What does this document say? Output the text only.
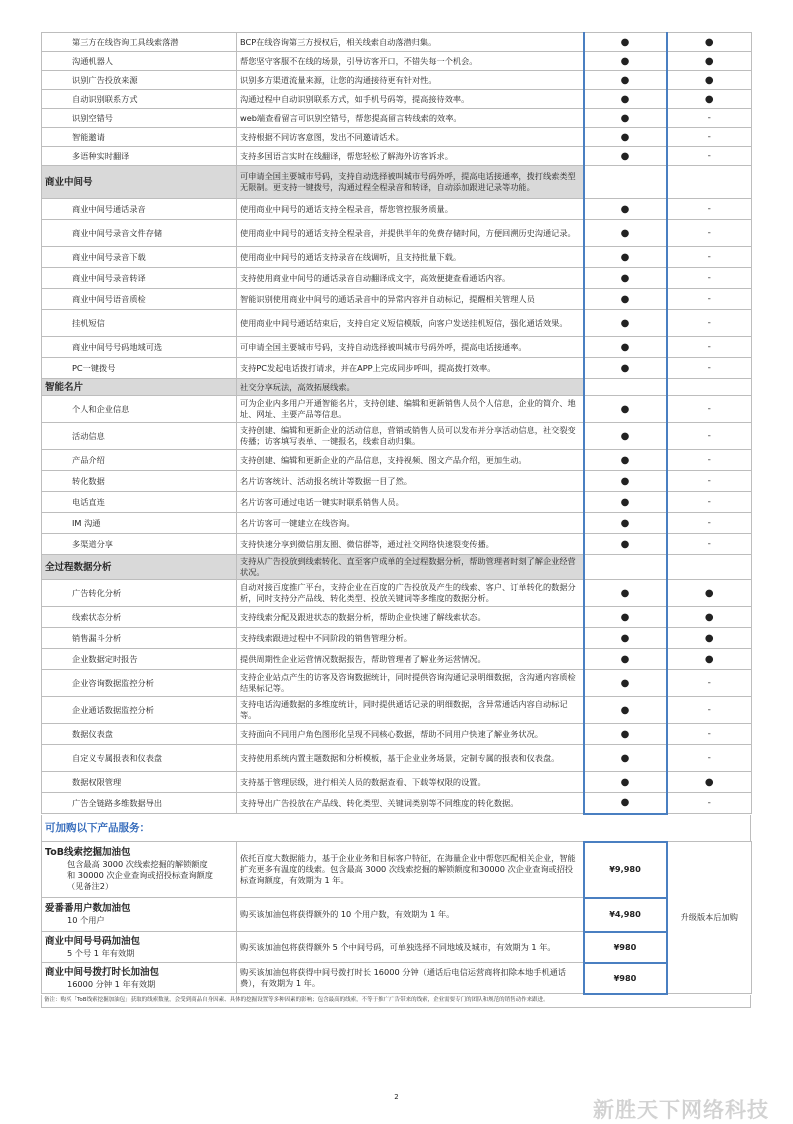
第三方在线咨询工具线索落潜	BCP在线咨询第三方授权后，相关线索自动落潜归集。	●	●
沟通机器人	帮您坚守客服不在线的场景，引导访客开口，不错失每一个机会。	●	●
识别广告投放来源	识别多方渠道流量来源，让您的沟通接待更有针对性。	●	●
自动识别联系方式	沟通过程中自动识别联系方式，如手机号码等，提高接待效率。	●	●
识别空错号	web端查看留言可识别空错号，帮您提高留言转线索的效率。	●	-
智能邀请	支持根据不同访客意图，发出不同邀请话术。	●	-
多语种实时翻译	支持多国语言实时在线翻译，帮您轻松了解海外访客诉求。	●	-
商业中间号	可申请全国主要城市号码，支持自动选择被叫城市号码外呼，提高电话接通率，拨打线索类型无限制。更支持一键拨号，沟通过程全程录音和转译，自动添加跟进记录等功能。		
商业中间号通话录音	使用商业中间号的通话支持全程录音，帮您管控服务质量。	●	-
商业中间号录音文件存储	使用商业中间号的通话支持全程录音，并提供半年的免费存储时间，方便回溯历史沟通记录。	●	-
商业中间号录音下载	使用商业中间号的通话支持录音在线调听，且支持批量下载。	●	-
商业中间号录音转译	支持使用商业中间号的通话录音自动翻译成文字，高效便捷查看通话内容。	●	-
商业中间号语音质检	智能识别使用商业中间号的通话录音中的异常内容并自动标记，提醒相关管理人员	●	-
挂机短信	使用商业中间号通话结束后，支持自定义短信模版，向客户发送挂机短信，强化通话效果。	●	-
商业中间号号码地域可选	可申请全国主要城市号码，支持自动选择被叫城市号码外呼，提高电话接通率。	●	-
PC一键拨号	支持PC发起电话拨打请求，并在APP上完成同步呼叫，提高拨打效率。	●	-
智能名片	社交分享玩法，高效拓展线索。		
个人和企业信息	可为企业内多用户开通智能名片，支持创建、编辑和更新销售人员个人信息，企业的简介、地址、网址、主要产品等信息。	●	-
活动信息	支持创建、编辑和更新企业的活动信息，营销或销售人员可以发布并分享活动信息，社交裂变传播；访客填写表单、一键报名，线索自动归集。	●	-
产品介绍	支持创建、编辑和更新企业的产品信息，支持视频、图文产品介绍，更加生动。	●	-
转化数据	名片访客统计、活动报名统计等数据一目了然。	●	-
电话直连	名片访客可通过电话一键实时联系销售人员。	●	-
IM 沟通	名片访客可一键建立在线咨询。	●	-
多渠道分享	支持快速分享到微信朋友圈、微信群等，通过社交网络快速裂变传播。	●	-
全过程数据分析	支持从广告投放到线索转化、直至客户成单的全过程数据分析，帮助管理者时刻了解企业经营状况。		
广告转化分析	自动对接百度推广平台，支持企业在百度的广告投放及产生的线索、客户、订单转化的数据分析，同时支持分产品线、转化类型、投放关键词等多维度的数据分析。	●	●
线索状态分析	支持线索分配及跟进状态的数据分析，帮助企业快速了解线索状态。	●	●
销售漏斗分析	支持线索跟进过程中不同阶段的销售管理分析。	●	●
企业数据定时报告	提供周期性企业运营情况数据报告，帮助管理者了解业务运营情况。	●	●
企业咨询数据监控分析	支持企业站点产生的访客及咨询数据统计，同时提供咨询沟通记录明细数据，含沟通内容质检结果标记等。	●	-
企业通话数据监控分析	支持电话沟通数据的多维度统计，同时提供通话记录的明细数据，含异常通话内容自动标记等。	●	-
数据仪表盘	支持面向不同用户角色图形化呈现不同核心数据，帮助不同用户快速了解业务状况。	●	-
自定义专属报表和仪表盘	支持使用系统内置主题数据和分析模板，基于企业业务场景，定制专属的报表和仪表盘。	●	-
数据权限管理	支持基于管理层级，进行相关人员的数据查看、下载等权限的设置。	●	●
广告全链路多维数据导出	支持导出广告投放在产品线、转化类型、关键词类别等不同维度的转化数据。	●	-
可加购以下产品服务：
ToB线索挖掘加油包
包含最高 3000 次线索挖掘的解锁额度
和 30000 次企业查询或招投标查询额度
（见备注2）	依托百度大数据能力，基于企业业务和目标客户特征，在海量企业中帮您匹配相关企业，智能扩充更多有温度的线索。包含最高 3000 次线索挖掘的解锁额度和30000 次企业查询或招投标查询额度，有效期为 1 年。	¥9,980	升级版本后加购

爱番番用户数加油包
10 个用户	购买该加油包将获得额外的 10 个用户数，有效期为 1 年。	¥4,980	

商业中间号号码加油包
5 个号 1 年有效期	购买该加油包将获得额外 5 个中间号码，可单独选择不同地域及城市，有效期为 1 年。	¥980	

商业中间号拨打时长加油包
16000 分钟 1 年有效期	购买该加油包将获得中间号拨打时长 16000 分钟（通话后电信运营商将扣除本地手机通话费），有效期为 1 年。	¥980	
备注：购买「ToB线索挖掘加油包」获取的线索数量，会受到商品自身因素、具体的挖掘设置等多种因素的影响；包含最高的线索，不等于推广广告带来的线索，企业需要专门的团队和规范的销售动作来跟进。
2
新胜天下网络科技
